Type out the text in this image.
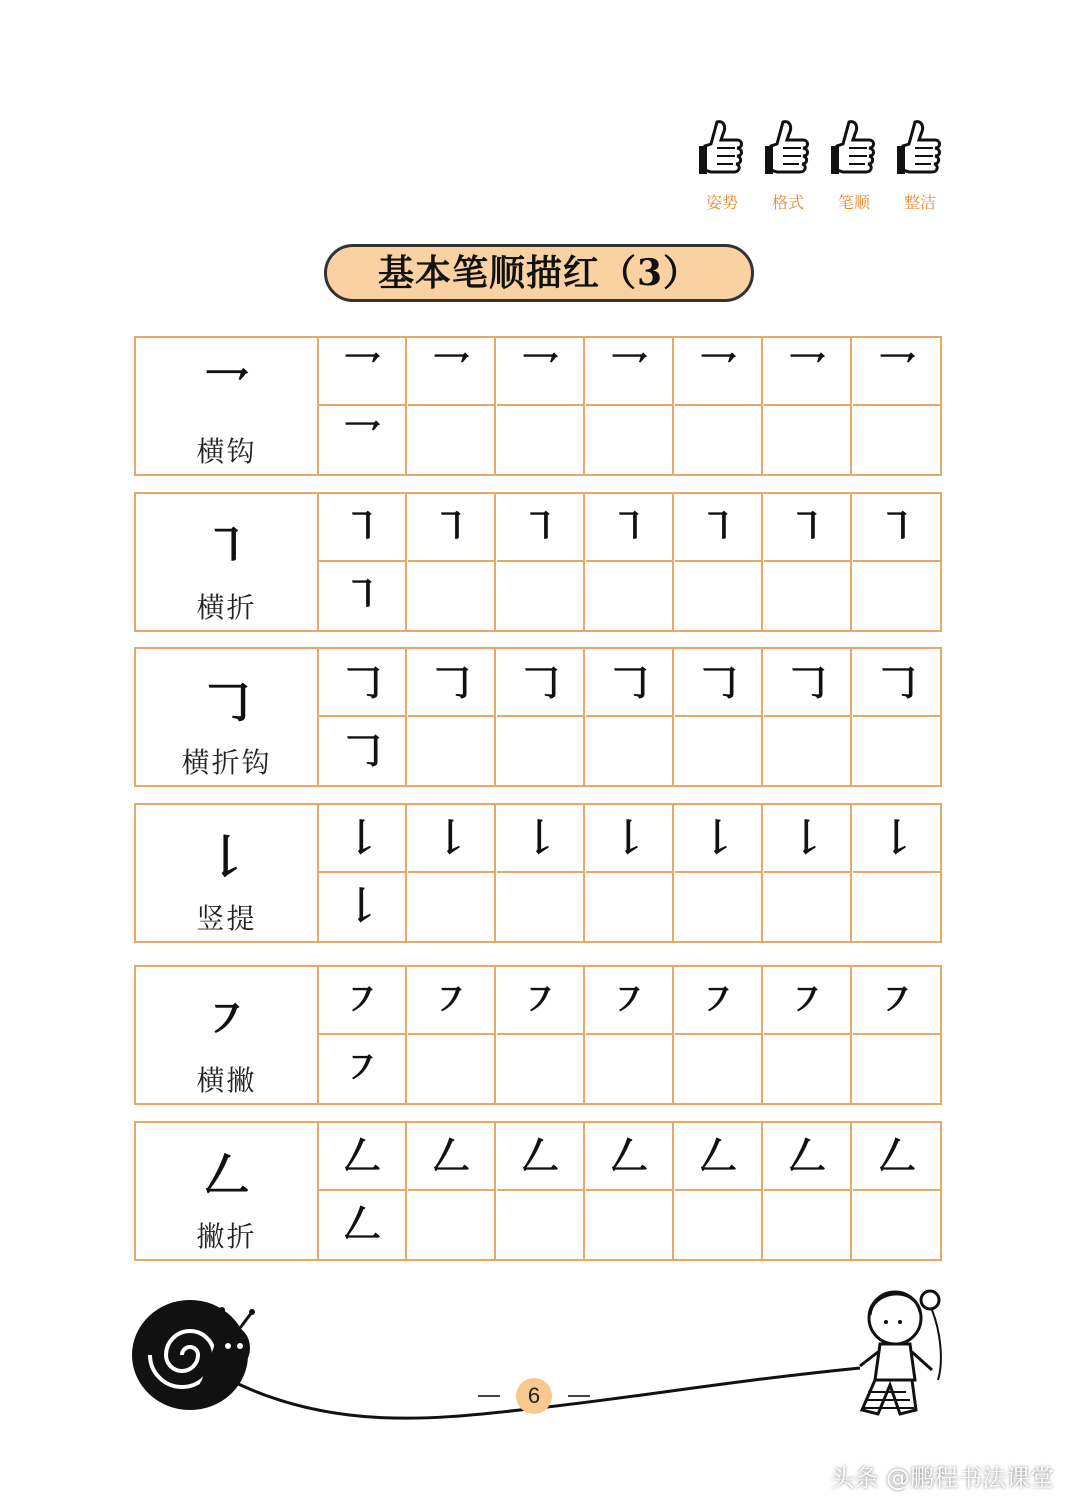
姿势	格式	笔顺	整洁
基本笔顺描红（3）
乛
横钩
乛	乛	乛	乛	乛	乛	乛
乛
㇕
横折
㇕	㇕	㇕	㇕	㇕	㇕	㇕
㇕
𠃌
横折钩
𠃌	𠃌	𠃌	𠃌	𠃌	𠃌	𠃌
𠃌
𠄌
竖提
𠄌	𠄌	𠄌	𠄌	𠄌	𠄌	𠄌
𠄌
㇇
横撇
㇇	㇇	㇇	㇇	㇇	㇇	㇇
㇇
𠃋
撇折
𠃋	𠃋	𠃋	𠃋	𠃋	𠃋	𠃋
𠃋
6
头条 @鹏程书法课堂
